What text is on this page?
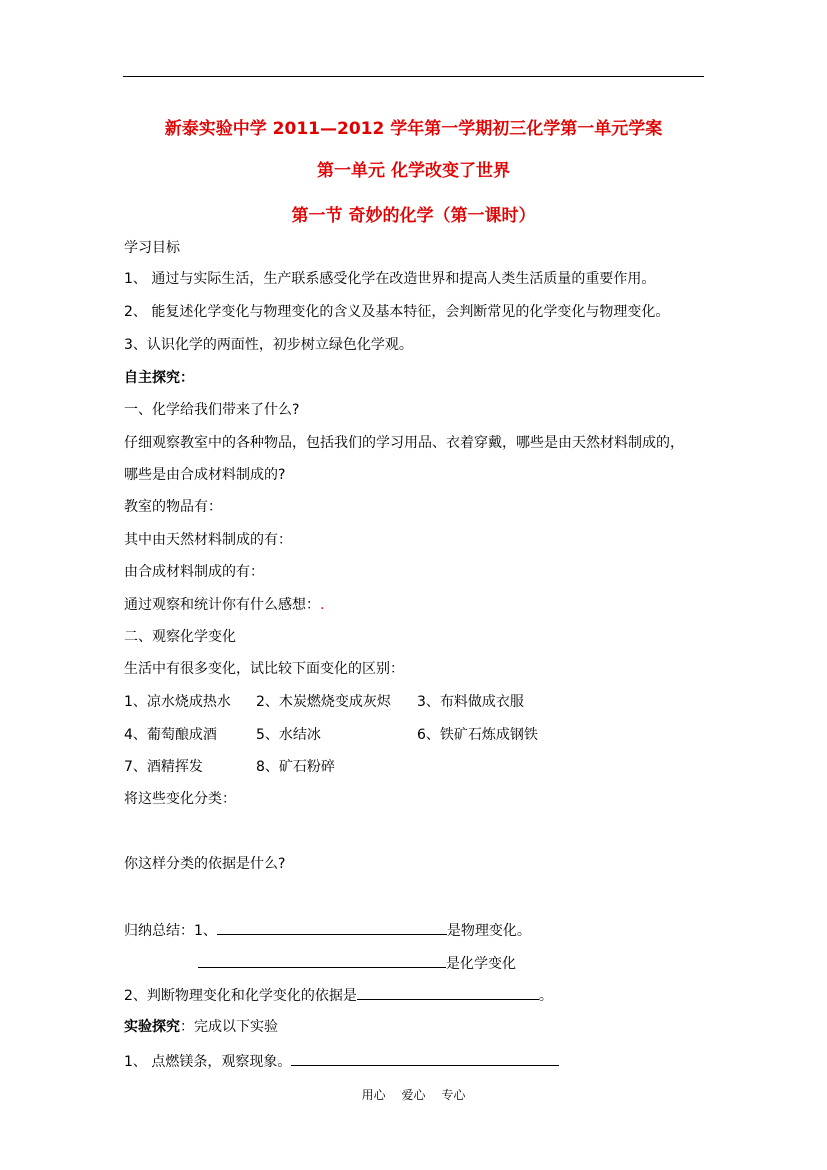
新泰实验中学 2011—2012 学年第一学期初三化学第一单元学案
第一单元 化学改变了世界
第一节 奇妙的化学（第一课时）
学习目标
1、 通过与实际生活，生产联系感受化学在改造世界和提高人类生活质量的重要作用。
2、 能复述化学变化与物理变化的含义及基本特征，会判断常见的化学变化与物理变化。
3、认识化学的两面性，初步树立绿色化学观。
自主探究：
一、化学给我们带来了什么?
仔细观察教室中的各种物品，包括我们的学习用品、衣着穿戴，哪些是由天然材料制成的，
哪些是由合成材料制成的?
教室的物品有：
其中由天然材料制成的有：
由合成材料制成的有：
通过观察和统计你有什么感想：.
二、观察化学变化
生活中有很多变化，试比较下面变化的区别：
1、凉水烧成热水 2、木炭燃烧变成灰烬 3、布料做成衣服
4、葡萄酿成酒	5、水结冰	6、铁矿石炼成钢铁
7、酒精挥发	8、矿石粉碎
将这些变化分类：
你这样分类的依据是什么?
归纳总结：1、	是物理变化。
是化学变化
2、判断物理变化和化学变化的依据是	。
实验探究：完成以下实验
1、 点燃镁条，观察现象。
用心 爱心 专心
